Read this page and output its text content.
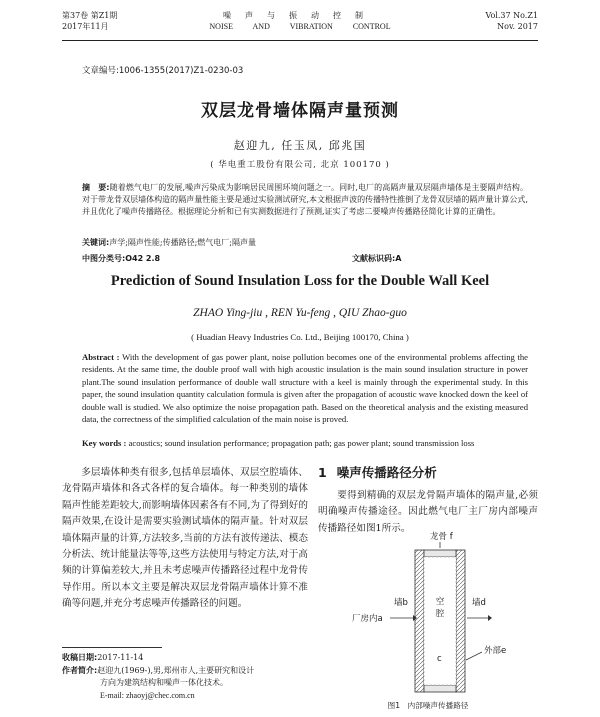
第37卷 第Z1期
2017年11月
噪声与振动控制
NOISE AND VIBRATION CONTROL
Vol.37 No.Z1
Nov. 2017
文章编号:1006-1355(2017)Z1-0230-03
双层龙骨墙体隔声量预测
赵迎九, 任玉凤, 邱兆国
( 华电重工股份有限公司, 北京 100170 )
摘　要:随着燃气电厂的发展,噪声污染成为影响居民周围环境问题之一。同时,电厂的高隔声量双层隔声墙体是主要隔声结构。对于带龙骨双层墙体构造的隔声量性能主要是通过实验测试研究,本文根据声波的传播特性推倒了龙骨双层墙的隔声量计算公式,并且优化了噪声传播路径。根据理论分析和已有实测数据进行了预测,证实了考虑二要噪声传播路径简化计算的正确性。
关键词:声学;隔声性能;传播路径;燃气电厂;隔声量
中图分类号:O42 2.8	文献标识码:A
Prediction of Sound Insulation Loss for the Double Wall Keel
ZHAO Ying-jiu , REN Yu-feng , QIU Zhao-guo
( Huadian Heavy Industries Co. Ltd., Beijing 100170, China )
Abstract : With the development of gas power plant, noise pollution becomes one of the environmental problems affecting the residents. At the same time, the double proof wall with high acoustic insulation is the main sound insulation structure in power plant.The sound insulation performance of double wall structure with a keel is mainly through the experimental study. In this paper, the sound insulation quantity calculation formula is given after the propagation of acoustic wave knocked down the keel of double wall is studied. We also optimize the noise propagation path. Based on the theoretical analysis and the existing measured data, the correctness of the simplified calculation of the main noise is proved.
Key words : acoustics; sound insulation performance; propagation path; gas power plant; sound transmission loss

多层墙体种类有很多,包括单层墙体、双层空腔墙体、龙骨隔声墙体和各式各样的复合墙体。每一种类别的墙体隔声性能差距较大,而影响墙体因素各有不同,为了得到好的隔声效果,在设计是需要实验测试墙体的隔声量。针对双层墙体隔声量的计算,方法较多,当前的方法有波传递法、模态分析法、统计能量法等等,这些方法使用与特定方法,对于高频的计算偏差较大,并且未考虑噪声传播路径过程中龙骨传导作用。所以本文主要是解决双层龙骨隔声墙体计算不准确等问题,并充分考虑噪声传播路径的问题。

1 噪声传播路径分析

要得到精确的双层龙骨隔声墙体的隔声量,必须明确噪声传播途径。因此燃气电厂主厂房内部噪声传播路径如图1所示。

收稿日期:2017-11-14
作者简介:赵迎九(1969-),男,郑州市人,主要研究和设计
方向为建筑结构和噪声一体化技术。
E-mail: zhaoyj@chec.com.cn
龙骨 f
厂房内a
墙b	空腔
墙d
c
外部e
图1　内部噪声传播路径
